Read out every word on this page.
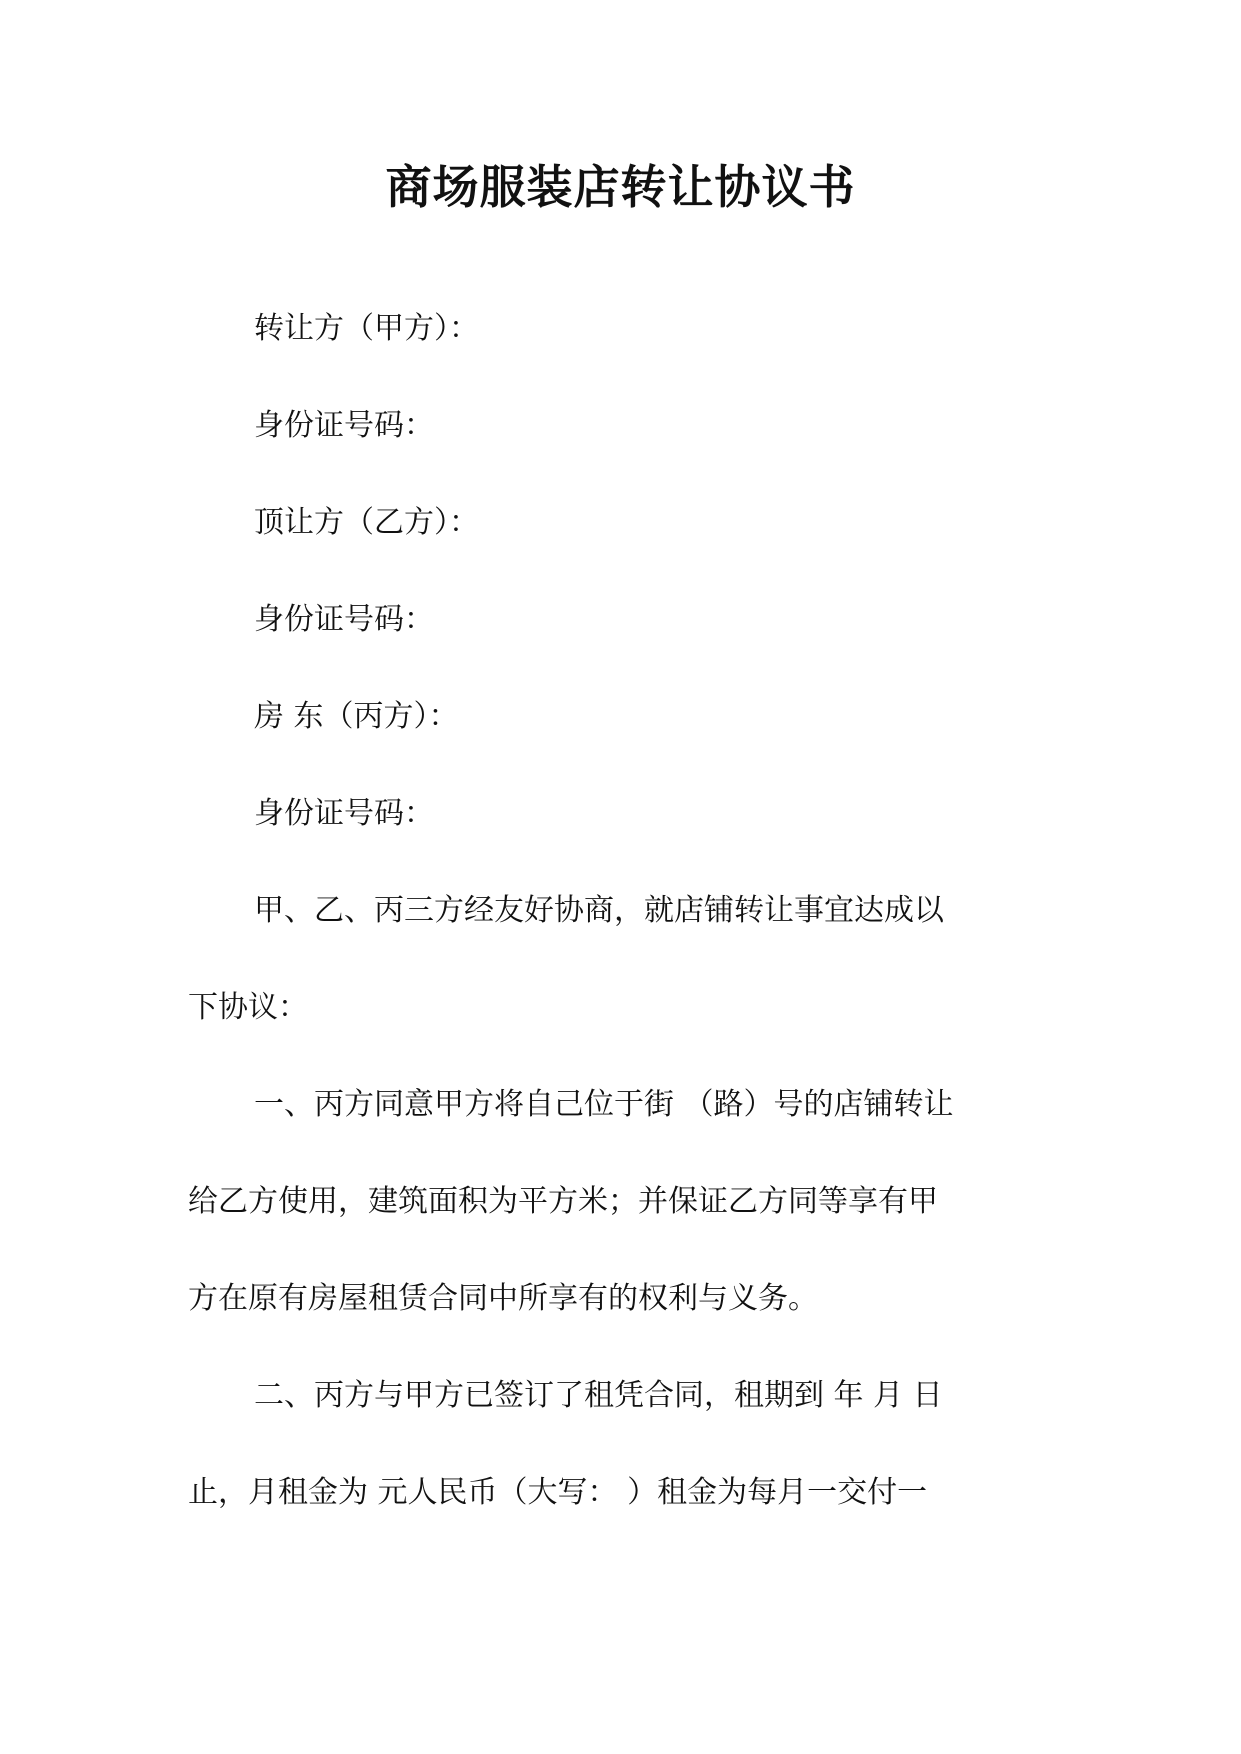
商场服装店转让协议书
转让方（甲方）：
身份证号码：
顶让方（乙方）：
身份证号码：
房 东（丙方）：
身份证号码：
甲、乙、丙三方经友好协商，就店铺转让事宜达成以
下协议：
一、丙方同意甲方将自己位于街 （路）号的店铺转让
给乙方使用，建筑面积为平方米；并保证乙方同等享有甲
方在原有房屋租赁合同中所享有的权利与义务。
二、丙方与甲方已签订了租凭合同，租期到 年 月 日
止，月租金为 元人民币（大写： ）租金为每月一交付一
